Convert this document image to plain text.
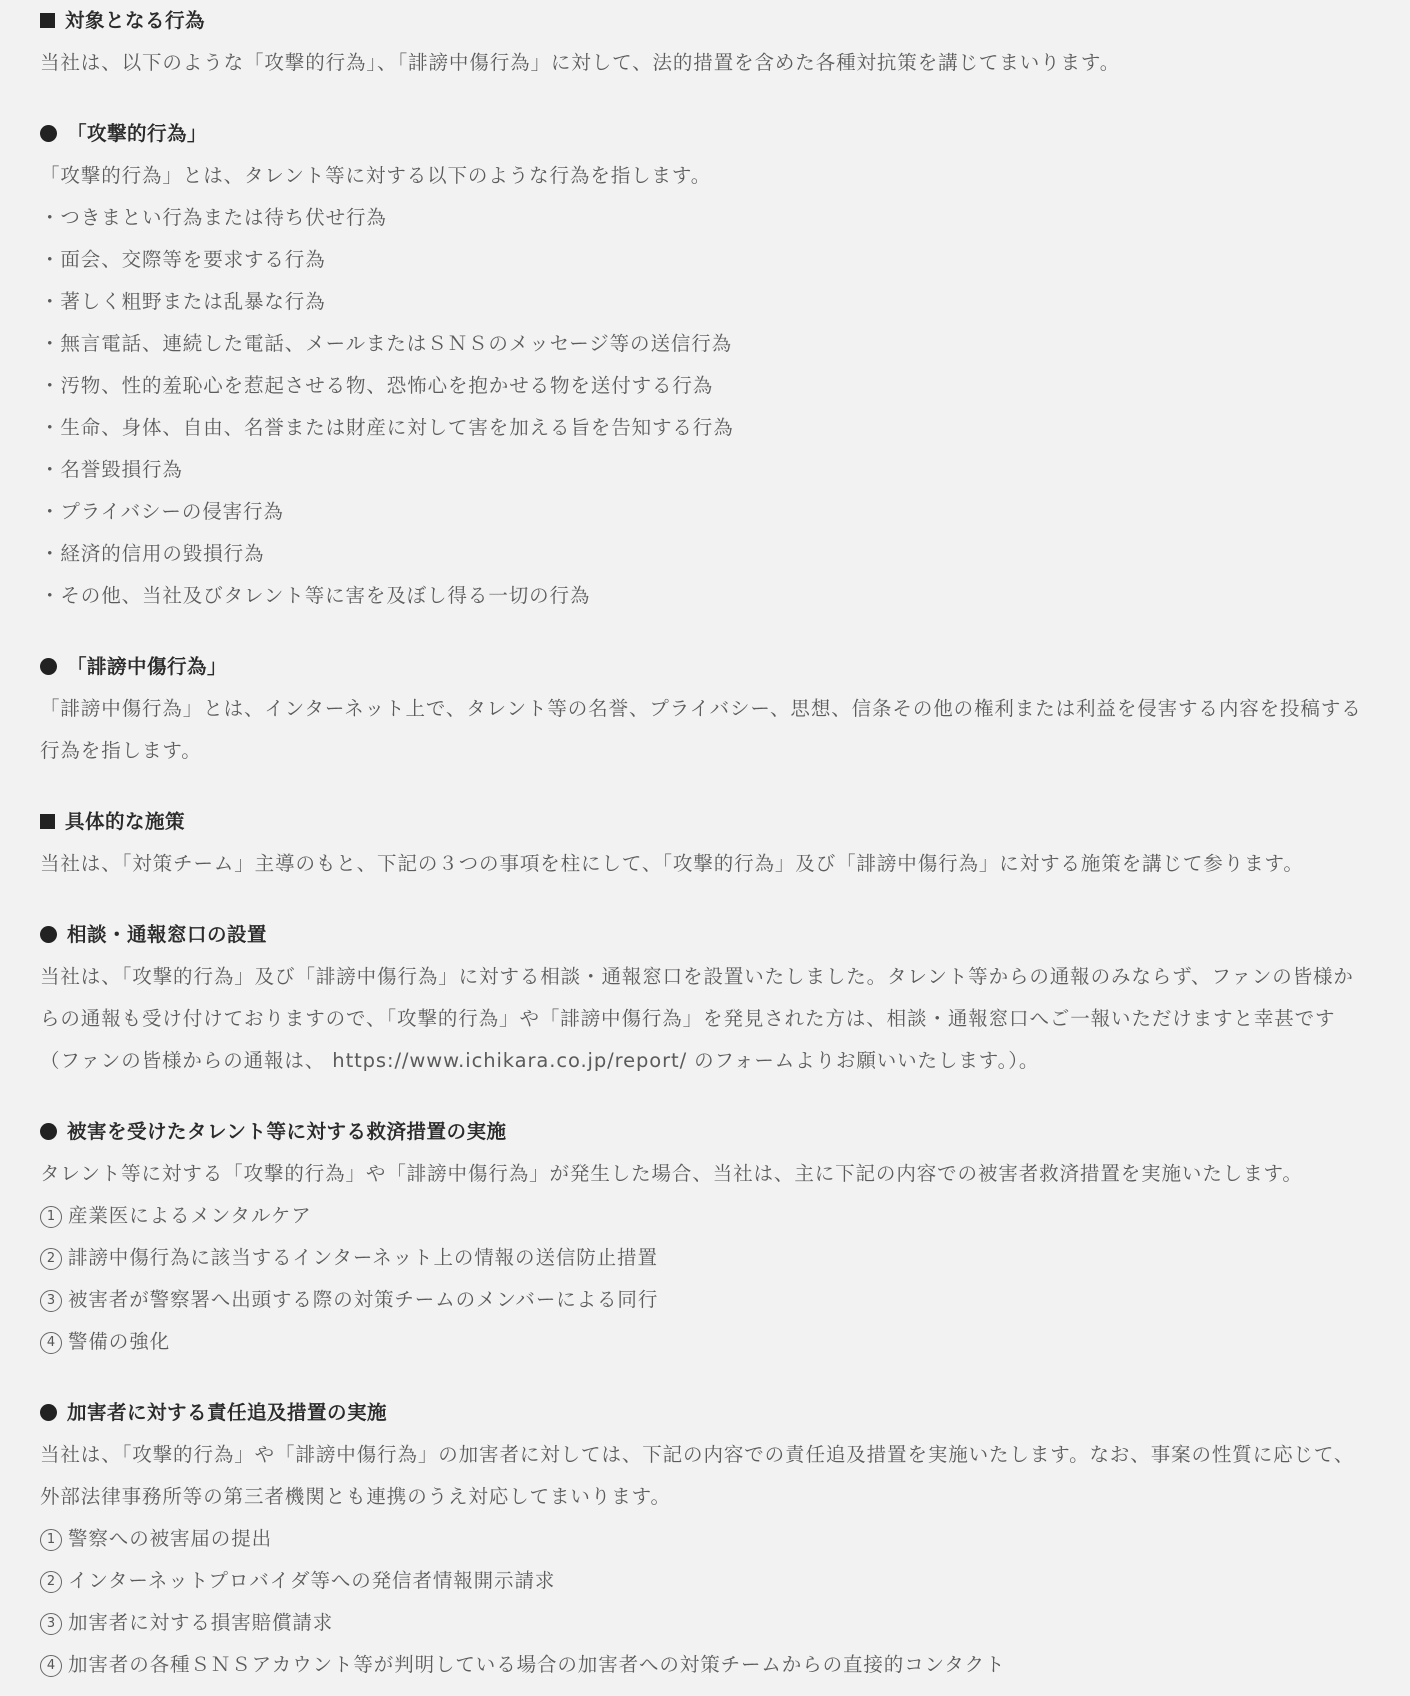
対象となる行為

当社は、以下のような「攻撃的行為」、「誹謗中傷行為」に対して、法的措置を含めた各種対抗策を講じてまいります。

「攻撃的行為」

「攻撃的行為」とは、タレント等に対する以下のような行為を指します。

・つきまとい行為または待ち伏せ行為
・面会、交際等を要求する行為
・著しく粗野または乱暴な行為
・無言電話、連続した電話、メールまたはＳＮＳのメッセージ等の送信行為
・汚物、性的羞恥心を惹起させる物、恐怖心を抱かせる物を送付する行為
・生命、身体、自由、名誉または財産に対して害を加える旨を告知する行為
・名誉毀損行為
・プライバシーの侵害行為
・経済的信用の毀損行為
・その他、当社及びタレント等に害を及ぼし得る一切の行為
「誹謗中傷行為」

「誹謗中傷行為」とは、インターネット上で、タレント等の名誉、プライバシー、思想、信条その他の権利または利益を侵害する内容を投稿する行為を指します。

具体的な施策

当社は、「対策チーム」主導のもと、下記の３つの事項を柱にして、「攻撃的行為」及び「誹謗中傷行為」に対する施策を講じて参ります。

相談・通報窓口の設置

当社は、「攻撃的行為」及び「誹謗中傷行為」に対する相談・通報窓口を設置いたしました。タレント等からの通報のみならず、ファンの皆様からの通報も受け付けておりますので、「攻撃的行為」や「誹謗中傷行為」を発見された方は、相談・通報窓口へご一報いただけますと幸甚です（ファンの皆様からの通報は、 https://www.ichikara.co.jp/report/ のフォームよりお願いいたします。）。

被害を受けたタレント等に対する救済措置の実施

タレント等に対する「攻撃的行為」や「誹謗中傷行為」が発生した場合、当社は、主に下記の内容での被害者救済措置を実施いたします。

1 産業医によるメンタルケア
2 誹謗中傷行為に該当するインターネット上の情報の送信防止措置
3 被害者が警察署へ出頭する際の対策チームのメンバーによる同行
4 警備の強化
加害者に対する責任追及措置の実施

当社は、「攻撃的行為」や「誹謗中傷行為」の加害者に対しては、下記の内容での責任追及措置を実施いたします。なお、事案の性質に応じて、外部法律事務所等の第三者機関とも連携のうえ対応してまいります。

1 警察への被害届の提出
2 インターネットプロバイダ等への発信者情報開示請求
3 加害者に対する損害賠償請求
4 加害者の各種ＳＮＳアカウント等が判明している場合の加害者への対策チームからの直接的コンタクト
